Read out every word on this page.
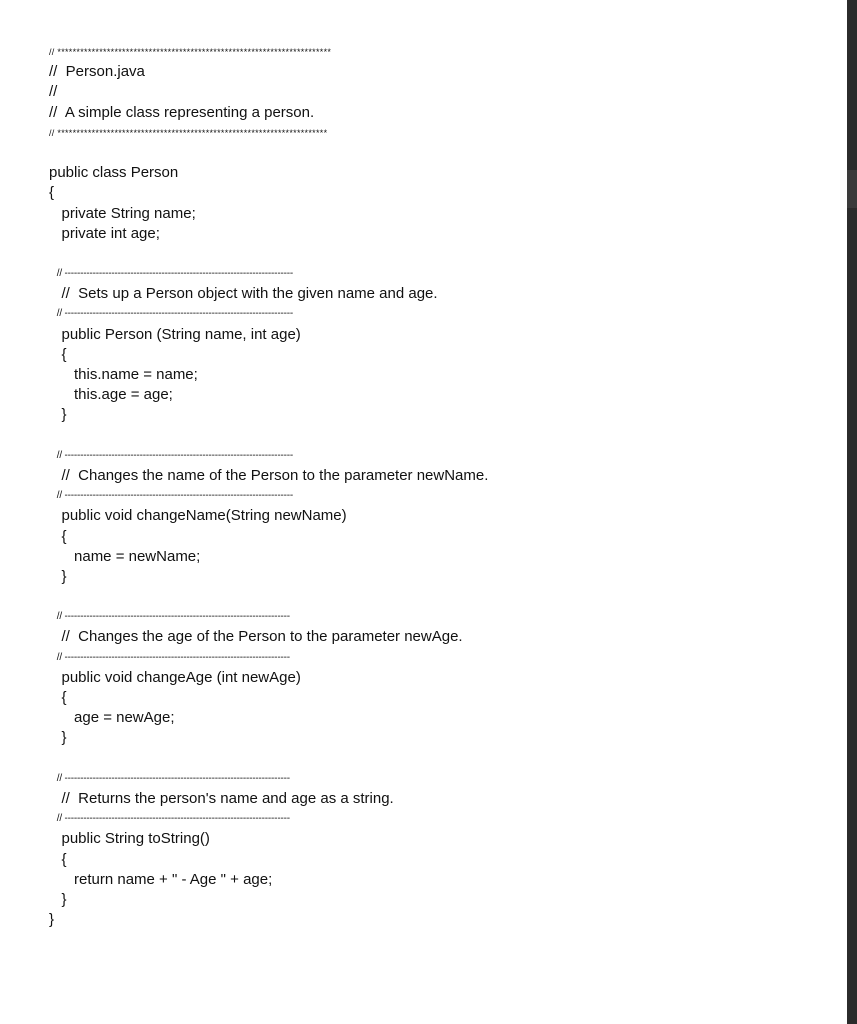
// ************************************************************************
//  Person.java
//
//  A simple class representing a person.
// ***********************************************************************
public class Person
{
private String name;
private int age;
// -------------------------------------------------------------------------
//  Sets up a Person object with the given name and age.
// -------------------------------------------------------------------------
public Person (String name, int age)
{
this.name = name;
this.age = age;
}
// -------------------------------------------------------------------------
//  Changes the name of the Person to the parameter newName.
// -------------------------------------------------------------------------
public void changeName(String newName)
{
name = newName;
}
// ------------------------------------------------------------------------
//  Changes the age of the Person to the parameter newAge.
// ------------------------------------------------------------------------
public void changeAge (int newAge)
{
age = newAge;
}
// ------------------------------------------------------------------------
//  Returns the person's name and age as a string.
// ------------------------------------------------------------------------
public String toString()
{
return name + " - Age " + age;
}
}
